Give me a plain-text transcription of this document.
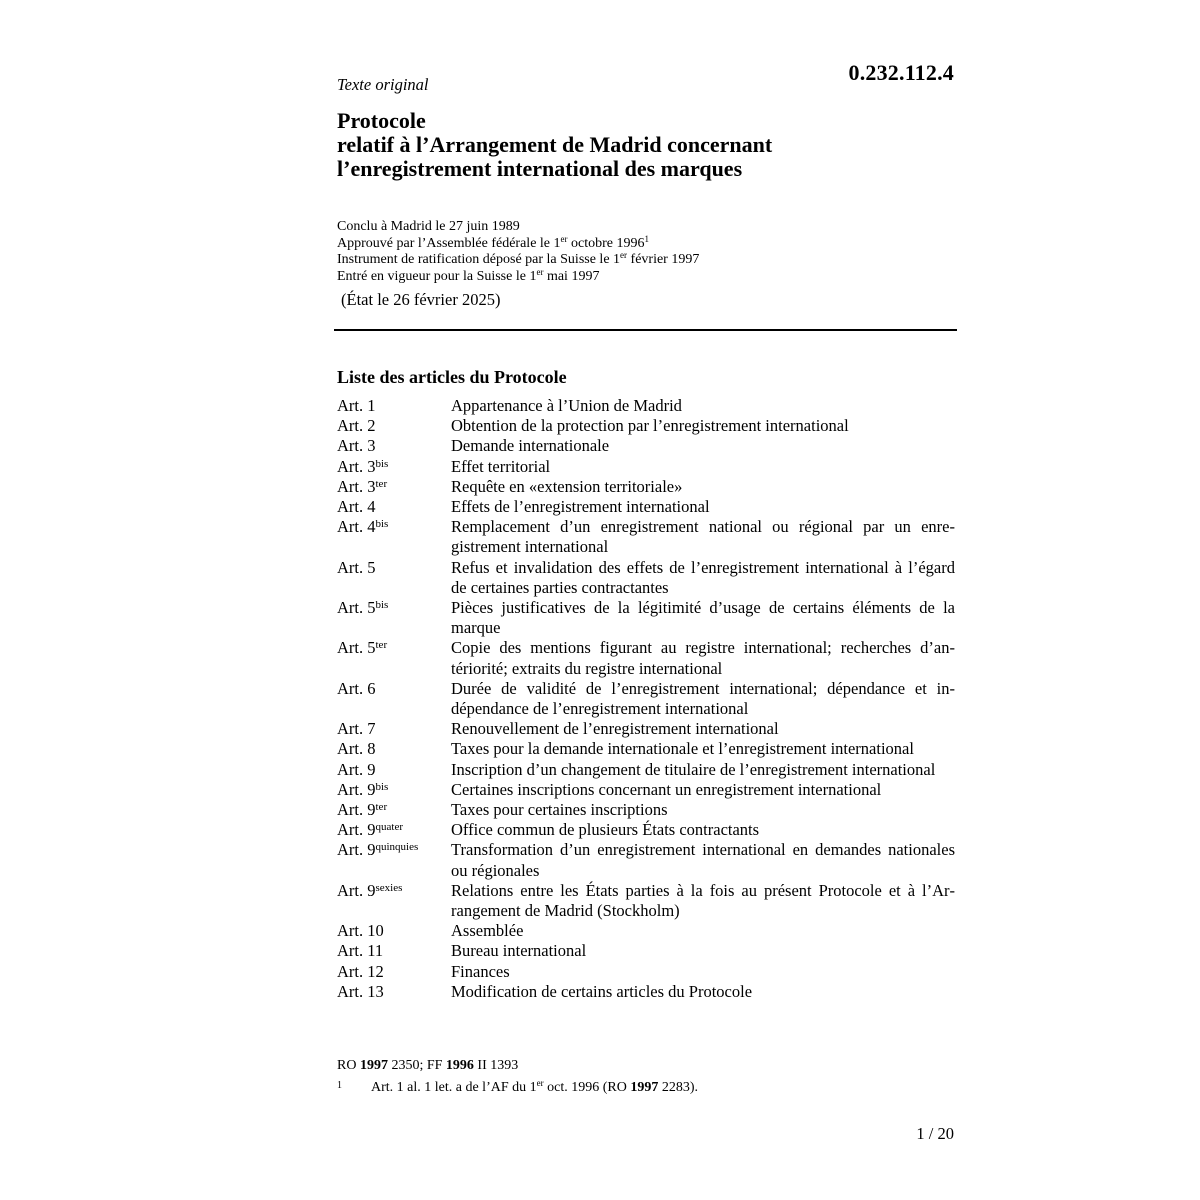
0.232.112.4
Texte original
Protocole
relatif à l’Arrangement de Madrid concernant
l’enregistrement international des marques
Conclu à Madrid le 27 juin 1989
Approuvé par l’Assemblée fédérale le 1er octobre 1996$^1$
Instrument de ratification déposé par la Suisse le 1er février 1997
Entré en vigueur pour la Suisse le 1er mai 1997
(État le 26 février 2025)
Liste des articles du Protocole
Art. 1	Appartenance à l’Union de Madrid
Art. 2	Obtention de la protection par l’enregistrement international
Art. 3	Demande internationale
Art. $3^{bis}$	Effet territorial
Art. $3^{ter}$	Requête en «extension territoriale»
Art. 4	Effets de l’enregistrement international
Art. $4^{bis}$	Remplacement d’un enregistrement national ou régional par un enregistrement international
Art. 5	Refus et invalidation des effets de l’enregistrement international à l’égard de certaines parties contractantes
Art. $5^{bis}$	Pièces justificatives de la légitimité d’usage de certains éléments de la marque
Art. $5^{ter}$	Copie des mentions figurant au registre international; recherches d’antériorité; extraits du registre international
Art. 6	Durée de validité de l’enregistrement international; dépendance et indépendance de l’enregistrement international
Art. 7	Renouvellement de l’enregistrement international
Art. 8	Taxes pour la demande internationale et l’enregistrement international
Art. 9	Inscription d’un changement de titulaire de l’enregistrement international
Art. $9^{bis}$	Certaines inscriptions concernant un enregistrement international
Art. $9^{ter}$	Taxes pour certaines inscriptions
Art. $9^{quater}$	Office commun de plusieurs États contractants
Art. $9^{quinquies}$	Transformation d’un enregistrement international en demandes nationales ou régionales
Art. $9^{sexies}$	Relations entre les États parties à la fois au présent Protocole et à l’Arrangement de Madrid (Stockholm)
Art. 10	Assemblée
Art. 11	Bureau international
Art. 12	Finances
Art. 13	Modification de certains articles du Protocole
RO 1997 2350; FF 1996 II 1393
1	Art. 1 al. 1 let. a de l’AF du 1er oct. 1996 (RO 1997 2283).
1 / 20
